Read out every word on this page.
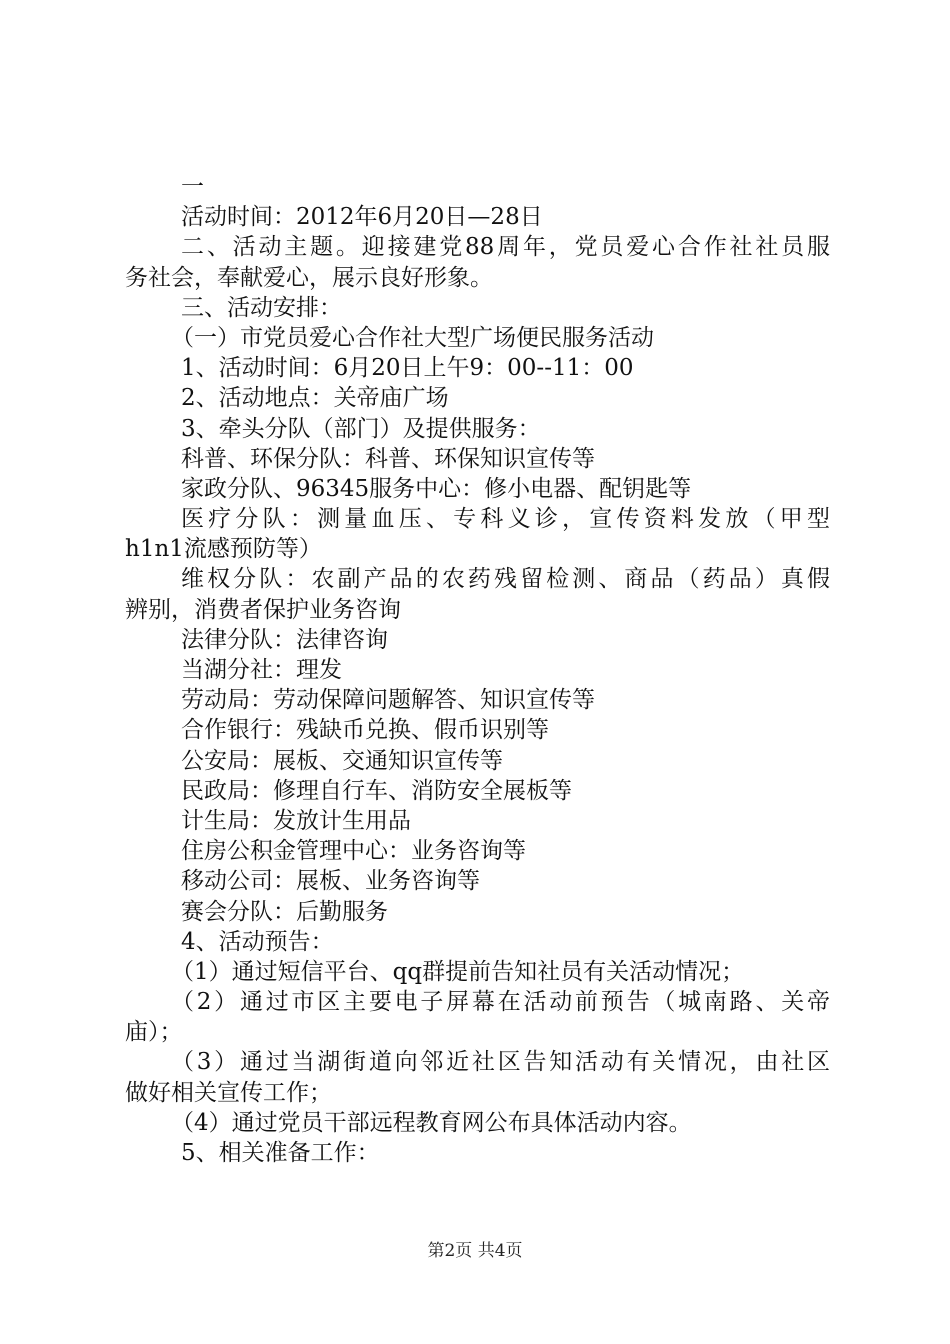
一
活动时间：2012年6月20日—28日
二、活动主题。迎接建党88周年，党员爱心合作社社员服
务社会，奉献爱心，展示良好形象。
三、活动安排：
（一）市党员爱心合作社大型广场便民服务活动
1、活动时间：6月20日上午9：00--11：00
2、活动地点：关帝庙广场
3、牵头分队（部门）及提供服务：
科普、环保分队：科普、环保知识宣传等
家政分队、96345服务中心：修小电器、配钥匙等
医疗分队：测量血压、专科义诊，宣传资料发放（甲型
h1n1流感预防等）
维权分队：农副产品的农药残留检测、商品（药品）真假
辨别，消费者保护业务咨询
法律分队：法律咨询
当湖分社：理发
劳动局：劳动保障问题解答、知识宣传等
合作银行：残缺币兑换、假币识别等
公安局：展板、交通知识宣传等
民政局：修理自行车、消防安全展板等
计生局：发放计生用品
住房公积金管理中心：业务咨询等
移动公司：展板、业务咨询等
赛会分队：后勤服务
4、活动预告：
（1）通过短信平台、qq群提前告知社员有关活动情况；
（2）通过市区主要电子屏幕在活动前预告（城南路、关帝
庙）；
（3）通过当湖街道向邻近社区告知活动有关情况，由社区
做好相关宣传工作；
（4）通过党员干部远程教育网公布具体活动内容。
5、相关准备工作：
第2页 共4页
